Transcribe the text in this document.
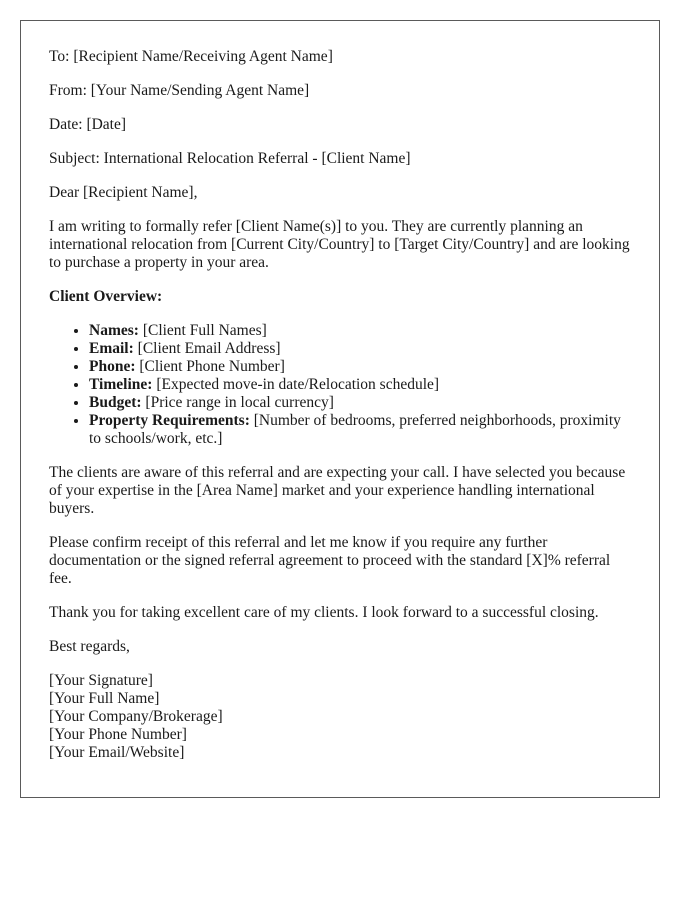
To: [Recipient Name/Receiving Agent Name]

From: [Your Name/Sending Agent Name]

Date: [Date]

Subject: International Relocation Referral - [Client Name]

Dear [Recipient Name],

I am writing to formally refer [Client Name(s)] to you. They are currently planning an international relocation from [Current City/Country] to [Target City/Country] and are looking to purchase a property in your area.

Client Overview:

• Names: [Client Full Names]
• Email: [Client Email Address]
• Phone: [Client Phone Number]
• Timeline: [Expected move-in date/Relocation schedule]
• Budget: [Price range in local currency]
• Property Requirements: [Number of bedrooms, preferred neighborhoods, proximity to schools/work, etc.]

The clients are aware of this referral and are expecting your call. I have selected you because of your expertise in the [Area Name] market and your experience handling international buyers.

Please confirm receipt of this referral and let me know if you require any further documentation or the signed referral agreement to proceed with the standard [X]% referral fee.

Thank you for taking excellent care of my clients. I look forward to a successful closing.

Best regards,

[Your Signature]
[Your Full Name]
[Your Company/Brokerage]
[Your Phone Number]
[Your Email/Website]
